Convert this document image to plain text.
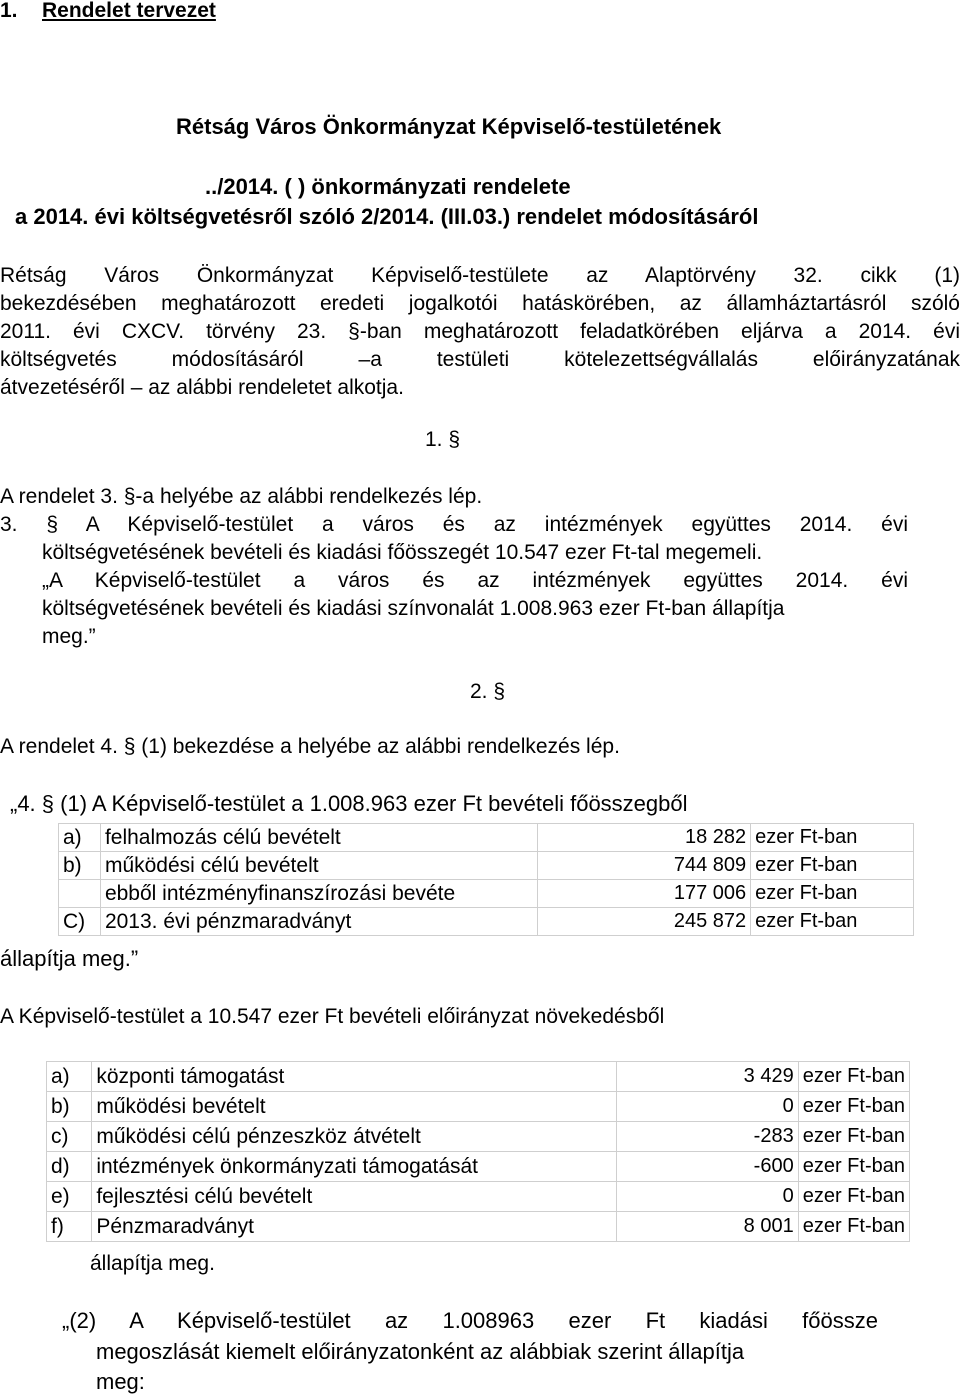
1. Rendelet tervezet
Rétság Város Önkormányzat Képviselő-testületének
../2014. ( ) önkormányzati rendelete
a 2014. évi költségvetésről szóló 2/2014. (III.03.) rendelet módosításáról
Rétság Város Önkormányzat Képviselő-testülete az Alaptörvény 32. cikk (1)
bekezdésében meghatározott eredeti jogalkotói hatáskörében, az államháztartásról szóló
2011. évi CXCV. törvény 23. §-ban meghatározott feladatkörében eljárva a 2014. évi
költségvetés módosításáról –a testületi kötelezettségvállalás előirányzatának
átvezetéséről – az alábbi rendeletet alkotja.
1. §
A rendelet 3. §-a helyébe az alábbi rendelkezés lép.
3. § A Képviselő-testület a város és az intézmények együttes 2014. évi
költségvetésének bevételi és kiadási főösszegét 10.547 ezer Ft-tal megemeli.
„A Képviselő-testület a város és az intézmények együttes 2014. évi
költségvetésének bevételi és kiadási színvonalát 1.008.963 ezer Ft-ban állapítja
meg.”
2. §
A rendelet 4. § (1) bekezdése a helyébe az alábbi rendelkezés lép.
„4. § (1) A Képviselő-testület a 1.008.963 ezer Ft bevételi főösszegből
a)	felhalmozás célú bevételt	18 282	ezer Ft-ban
b)	működési célú bevételt	744 809	ezer Ft-ban
	ebből intézményfinanszírozási bevéte	177 006	ezer Ft-ban
C)	2013. évi pénzmaradványt	245 872	ezer Ft-ban
állapítja meg.”
A Képviselő-testület a 10.547 ezer Ft bevételi előirányzat növekedésből
a)	központi támogatást	3 429	ezer Ft-ban
b)	működési bevételt	0	ezer Ft-ban
c)	működési célú pénzeszköz átvételt	-283	ezer Ft-ban
d)	intézmények önkormányzati támogatását	-600	ezer Ft-ban
e)	fejlesztési célú bevételt	0	ezer Ft-ban
f)	Pénzmaradványt	8 001	ezer Ft-ban
állapítja meg.
„(2) A Képviselő-testület az 1.008963 ezer Ft kiadási főössze
megoszlását kiemelt előirányzatonként az alábbiak szerint állapítja
meg:
